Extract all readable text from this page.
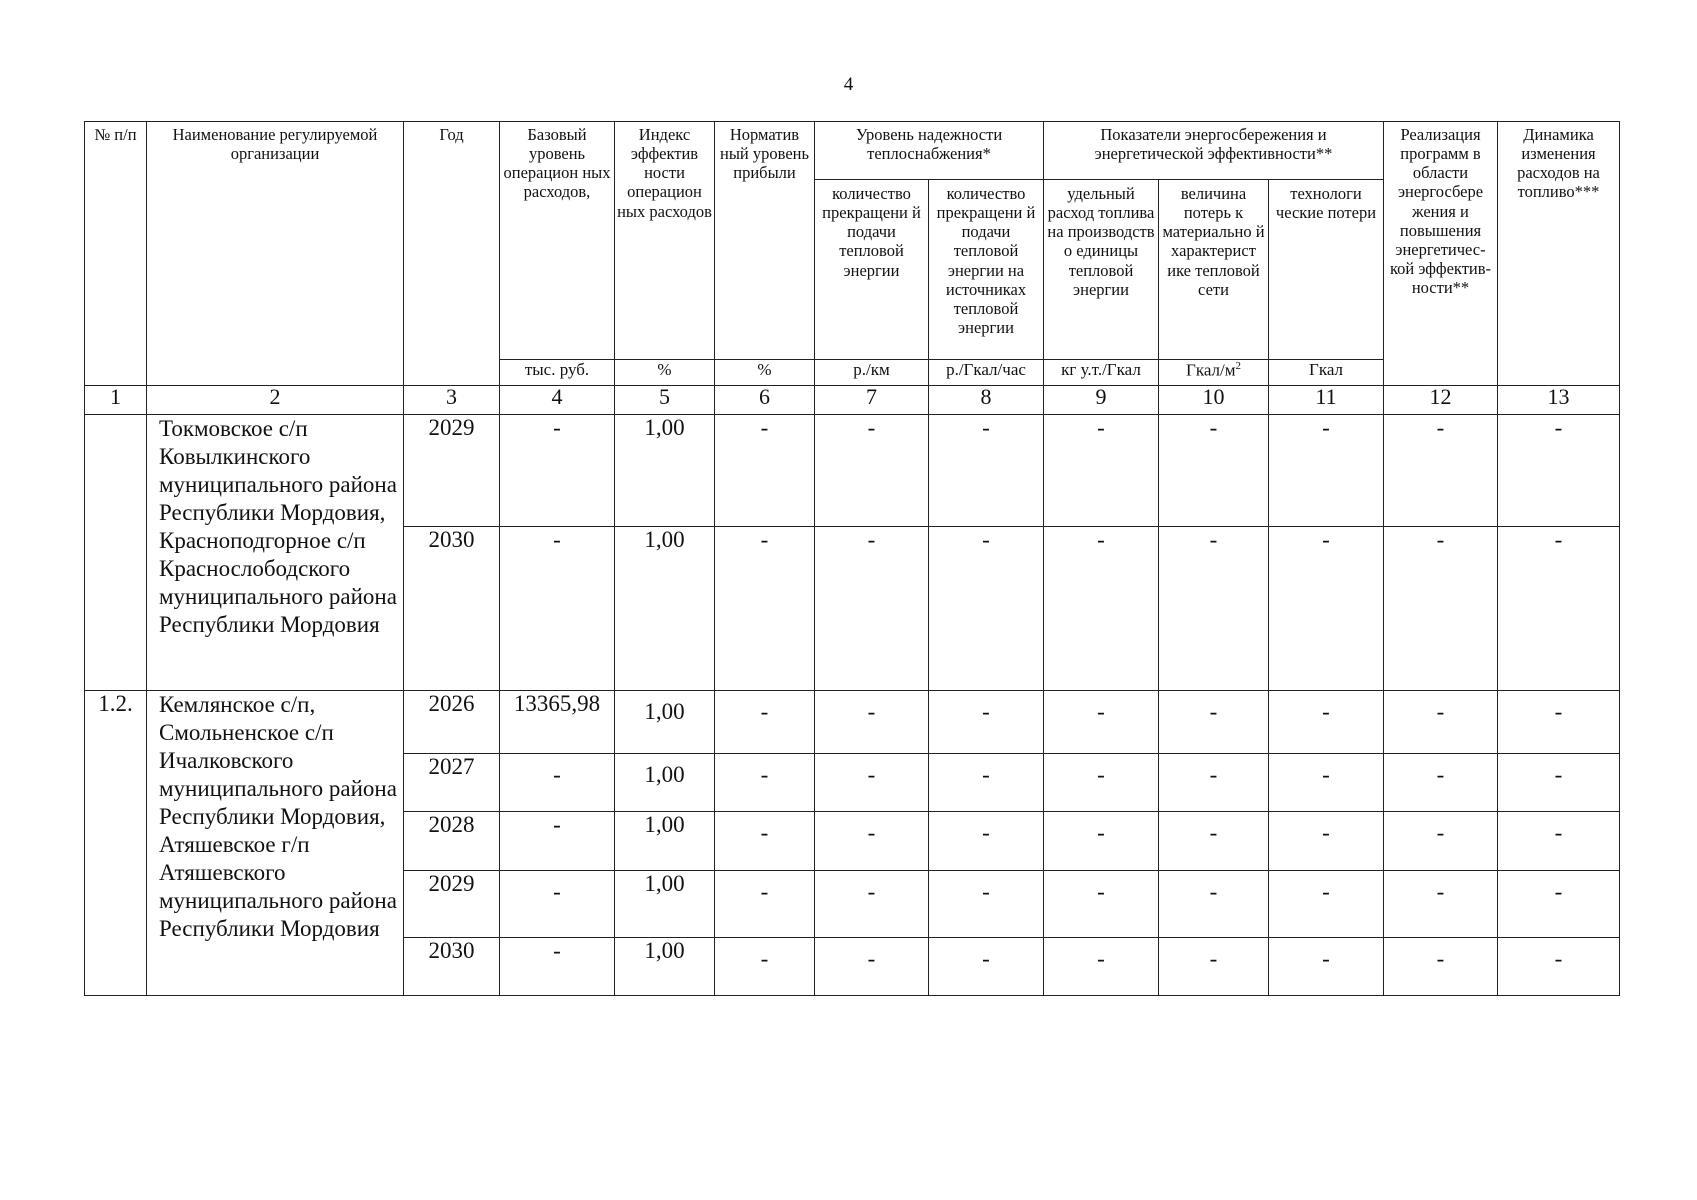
4
№ п/п	Наименование регулируемой организации	Год	Базовый уровень операцион ных расходов,	Индекс эффектив ности операцион ных расходов	Норматив ный уровень прибыли	Уровень надежности теплоснабжения*		Показатели энергосбережения и энергетической эффективности**			Реализация программ в области энергосбере жения и повышения энергетичес- кой эффектив- ности**	Динамика изменения расходов на топливо***
						количество прекращени й подачи тепловой энергии	количество прекращени й подачи тепловой энергии на источниках тепловой энергии	удельный расход топлива на производств о единицы тепловой энергии	величина потерь к материально й характерист ике тепловой сети	технологи ческие потери		
			тыс. руб.	%	%	р./км	р./Гкал/час	кг у.т./Гкал	Гкал/$м^2$	Гкал		
1	2	3	4	5	6	7	8	9	10	11	12	13
	Токмовское с/п Ковылкинского муниципального района Республики Мордовия, Красноподгорное с/п Краснослободского муниципального района Республики Мордовия	2029	-	1,00	-	-	-	-	-	-	-	-
		2030	-	1,00	-	-	-	-	-	-	-	-
1.2.	Кемлянское с/п, Смольненское с/п Ичалковского муниципального района Республики Мордовия, Атяшевское г/п Атяшевского муниципального района Республики Мордовия	2026	13365,98	1,00	-	-	-	-	-	-	-	-
		2027	-	1,00	-	-	-	-	-	-	-	-
		2028	-	1,00	-	-	-	-	-	-	-	-
		2029	-	1,00	-	-	-	-	-	-	-	-
		2030	-	1,00	-	-	-	-	-	-	-	-
